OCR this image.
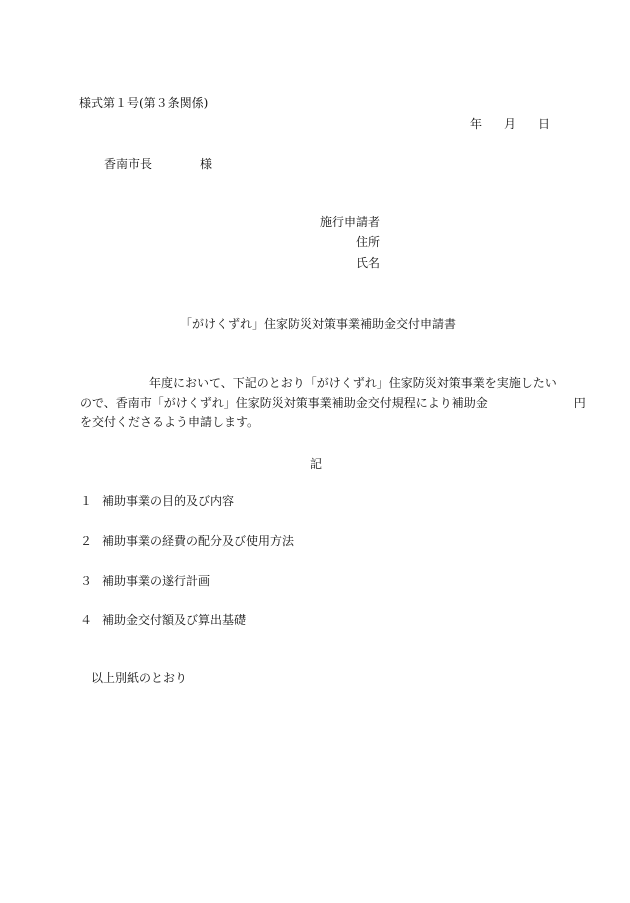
様式第１号(第３条関係)

年 月 日

香南市長	様

施行申請者

住所

氏名

「がけくずれ」住家防災対策事業補助金交付申請書

年度において、下記のとおり「がけくずれ」住家防災対策事業を実施したい

ので、香南市「がけくずれ」住家防災対策事業補助金交付規程により補助金	円

を交付くださるよう申請します。

記

１ 補助事業の目的及び内容

２ 補助事業の経費の配分及び使用方法

３ 補助事業の遂行計画

４ 補助金交付額及び算出基礎

以上別紙のとおり
